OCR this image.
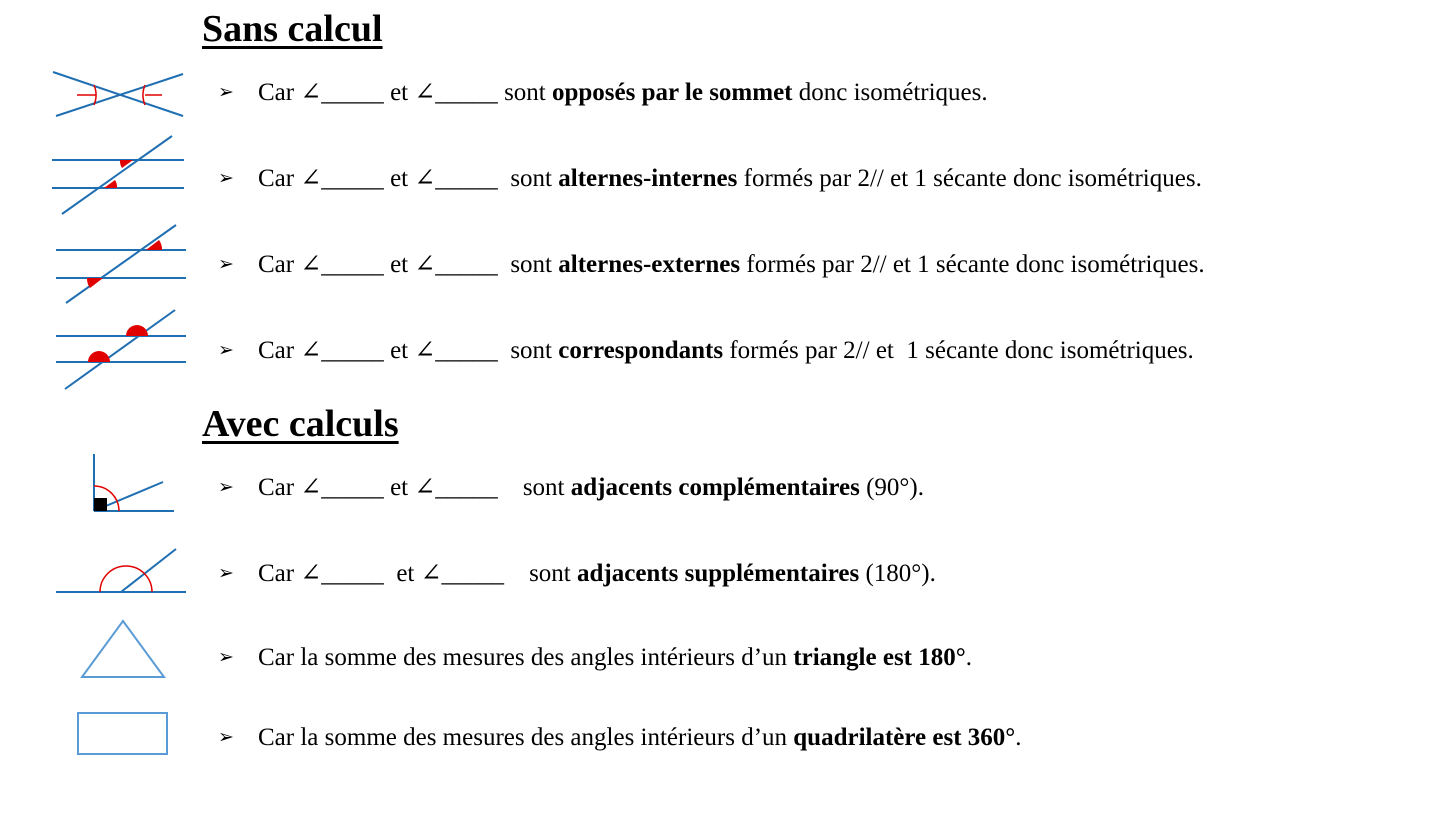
Sans calcul
Avec calculs
➢ Car ∠_____ et ∠_____ sont opposés par le sommet donc isométriques.
➢ Car ∠_____ et ∠_____  sont alternes-internes formés par 2// et 1 sécante donc isométriques.
➢ Car ∠_____ et ∠_____  sont alternes-externes formés par 2// et 1 sécante donc isométriques.
➢ Car ∠_____ et ∠_____  sont correspondants formés par 2// et  1 sécante donc isométriques.
➢ Car ∠_____ et ∠_____    sont adjacents complémentaires (90°).
➢ Car ∠_____  et ∠_____    sont adjacents supplémentaires (180°).
➢ Car la somme des mesures des angles intérieurs d’un triangle est 180°.
➢ Car la somme des mesures des angles intérieurs d’un quadrilatère est 360°.
